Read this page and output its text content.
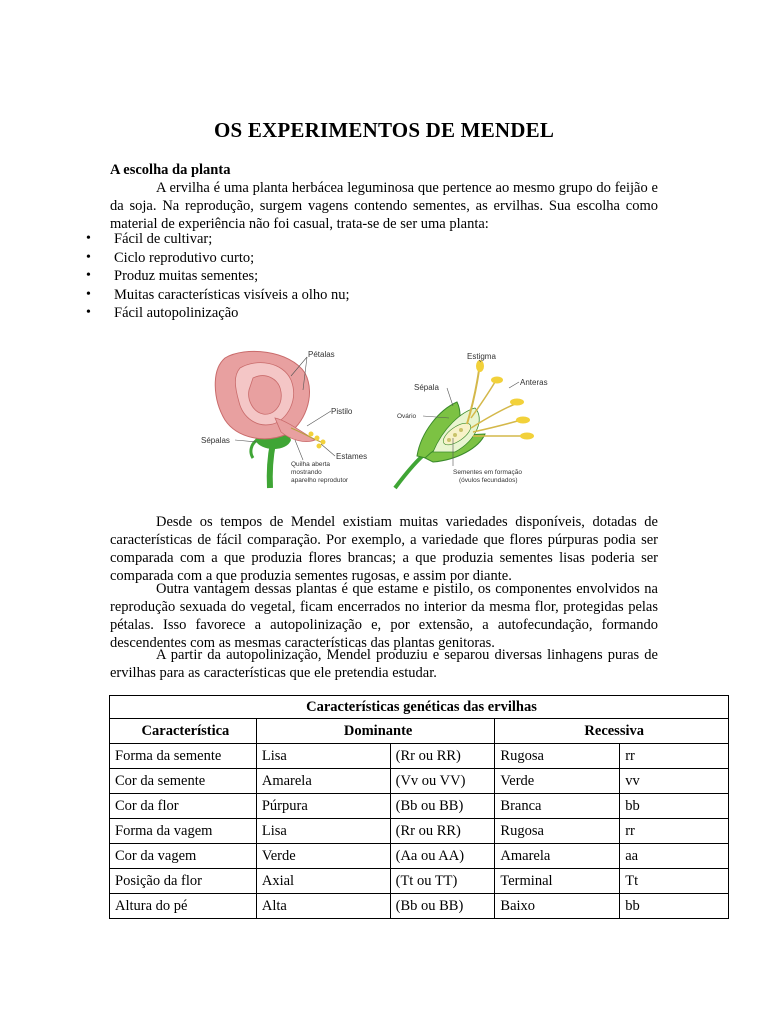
OS EXPERIMENTOS DE MENDEL
A escolha da planta
A ervilha é uma planta herbácea leguminosa que pertence ao mesmo grupo do feijão e da soja. Na reprodução, surgem vagens contendo sementes, as ervilhas. Sua escolha como material de experiência não foi casual, trata-se de ser uma planta:
• Fácil de cultivar;
• Ciclo reprodutivo curto;
• Produz muitas sementes;
• Muitas características visíveis a olho nu;
• Fácil autopolinização
Pétalas
Pistilo
Sépalas
Estames
Quilha aberta
mostrando
aparelho reprodutor
Estigma
Anteras
Sépala
Ovário
Sementes em formação
(óvulos fecundados)
Desde os tempos de Mendel existiam muitas variedades disponíveis, dotadas de características de fácil comparação. Por exemplo, a variedade que flores púrpuras podia ser comparada com a que produzia flores brancas; a que produzia sementes lisas poderia ser comparada com a que produzia sementes rugosas, e assim por diante.
Outra vantagem dessas plantas é que estame e pistilo, os componentes envolvidos na reprodução sexuada do vegetal, ficam encerrados no interior da mesma flor, protegidas pelas pétalas. Isso favorece a autopolinização e, por extensão, a autofecundação, formando descendentes com as mesmas características das plantas genitoras.
A partir da autopolinização, Mendel produziu e separou diversas linhagens puras de ervilhas para as características que ele pretendia estudar.
Características genéticas das ervilhas				
Característica	Dominante		Recessiva	
Forma da semente	Lisa	(Rr ou RR)	Rugosa	rr
Cor da semente	Amarela	(Vv ou VV)	Verde	vv
Cor da flor	Púrpura	(Bb ou BB)	Branca	bb
Forma da vagem	Lisa	(Rr ou RR)	Rugosa	rr
Cor da vagem	Verde	(Aa ou AA)	Amarela	aa
Posição da flor	Axial	(Tt ou TT)	Terminal	Tt
Altura do pé	Alta	(Bb ou BB)	Baixo	bb
